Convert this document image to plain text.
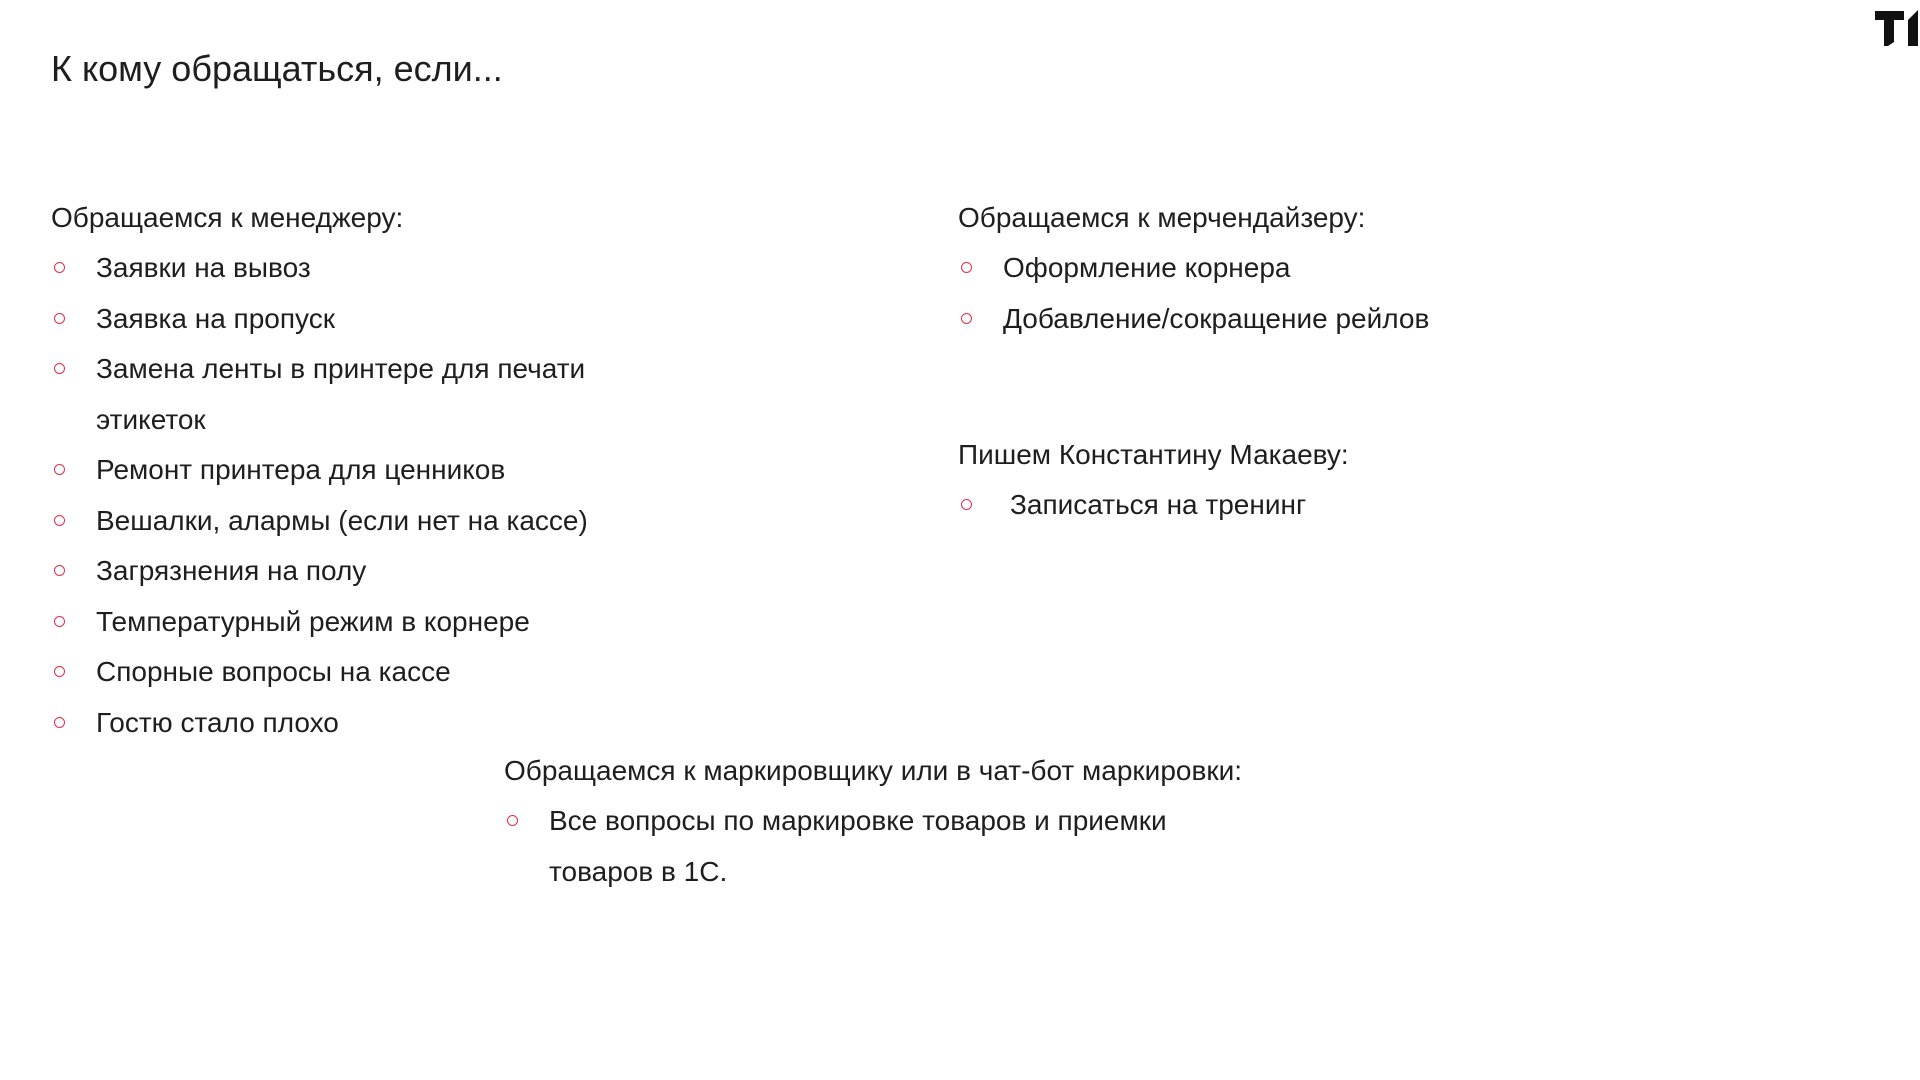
К кому обращаться, если...
Обращаемся к менеджеру:
Заявки на вывоз
Заявка на пропуск
Замена ленты в принтере для печати этикеток
Ремонт принтера для ценников
Вешалки, алармы (если нет на кассе)
Загрязнения на полу
Температурный режим в корнере
Спорные вопросы на кассе
Гостю стало плохо
Обращаемся к мерчендайзеру:
Оформление корнера
Добавление/сокращение рейлов
Пишем Константину Макаеву:
Записаться на тренинг
Обращаемся к маркировщику или в чат-бот маркировки:
Все вопросы по маркировке товаров и приемки товаров в 1С.
